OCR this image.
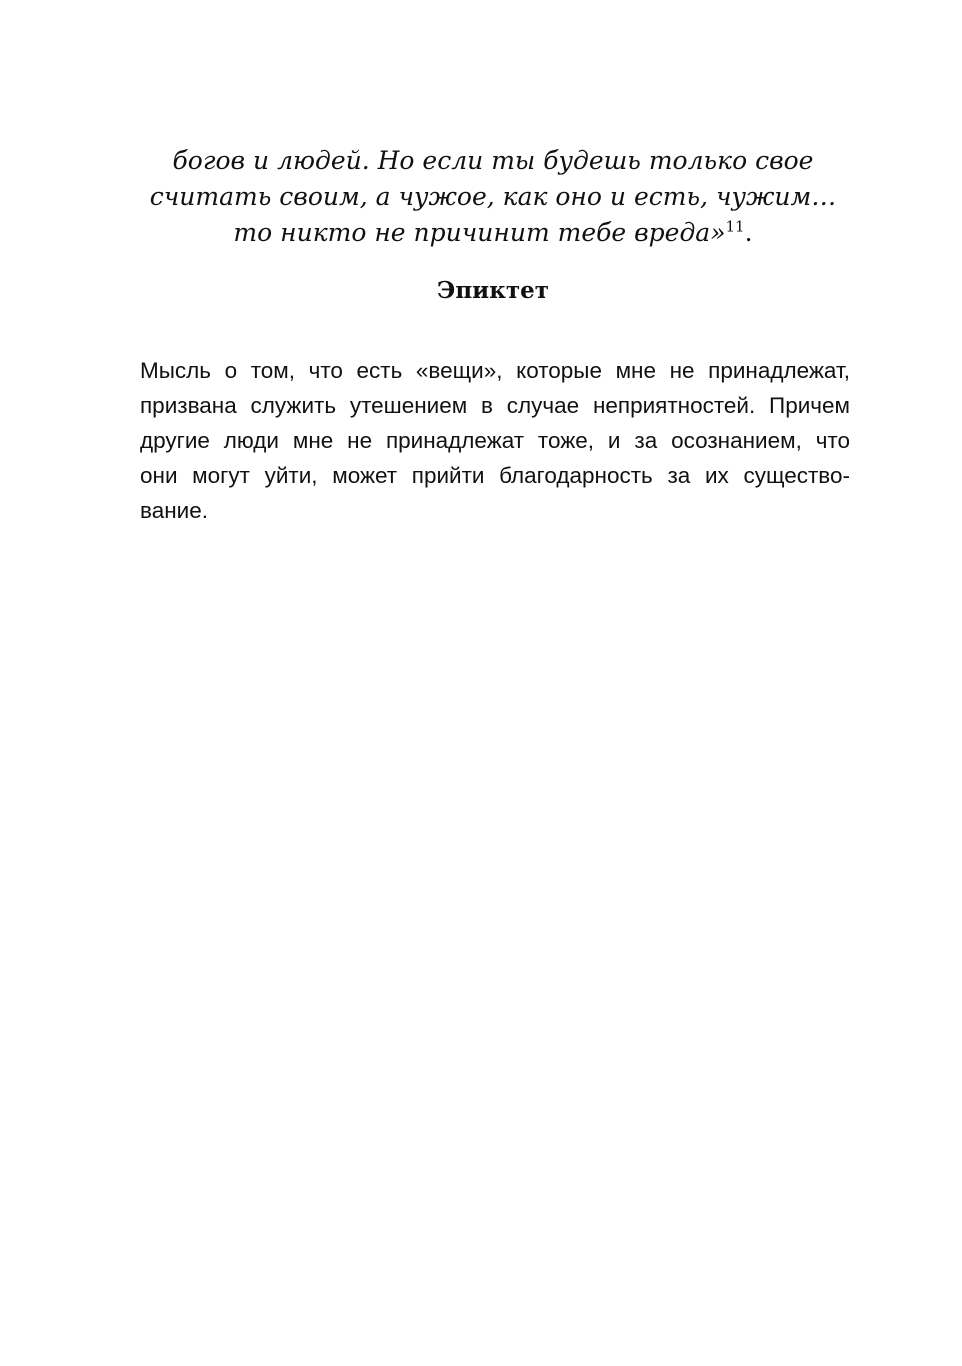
богов и людей. Но если ты будешь только свое
считать своим, а чужое, как оно и есть, чужим…
то никто не причинит тебе вреда»$^{11}$.
Эпиктет
Мысль о том, что есть «вещи», которые мне не принадлежат,
призвана служить утешением в случае неприятностей. Причем
другие люди мне не принадлежат тоже, и за осознанием, что
они могут уйти, может прийти благодарность за их существо-
вание.
